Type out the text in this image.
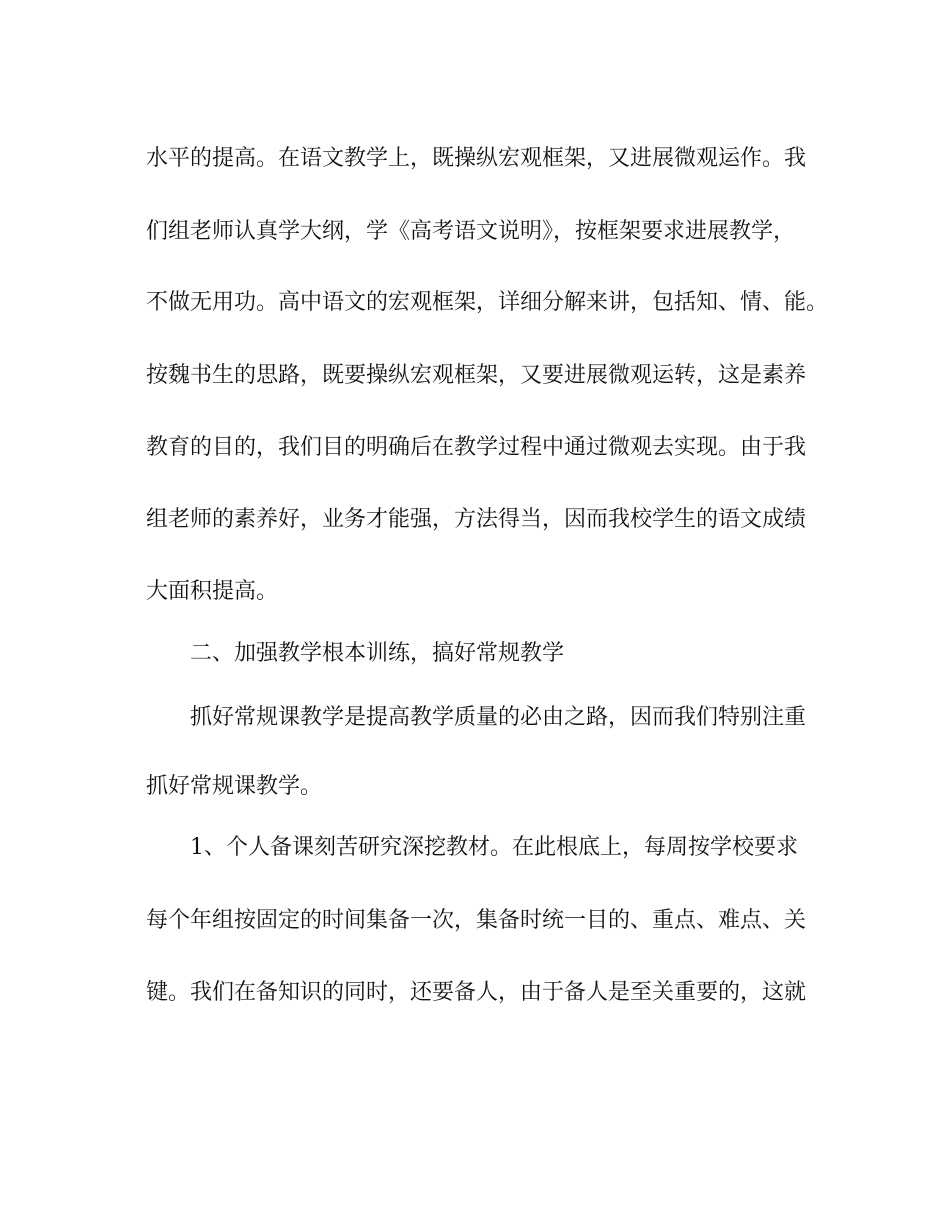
水平的提高。在语文教学上，既操纵宏观框架，又进展微观运作。我
们组老师认真学大纲，学《高考语文说明》，按框架要求进展教学，
不做无用功。高中语文的宏观框架，详细分解来讲，包括知、情、能。
按魏书生的思路，既要操纵宏观框架，又要进展微观运转，这是素养
教育的目的，我们目的明确后在教学过程中通过微观去实现。由于我
组老师的素养好，业务才能强，方法得当，因而我校学生的语文成绩
大面积提高。
二、加强教学根本训练，搞好常规教学
抓好常规课教学是提高教学质量的必由之路，因而我们特别注重
抓好常规课教学。
1、个人备课刻苦研究深挖教材。在此根底上，每周按学校要求
每个年组按固定的时间集备一次，集备时统一目的、重点、难点、关
键。我们在备知识的同时，还要备人，由于备人是至关重要的，这就
